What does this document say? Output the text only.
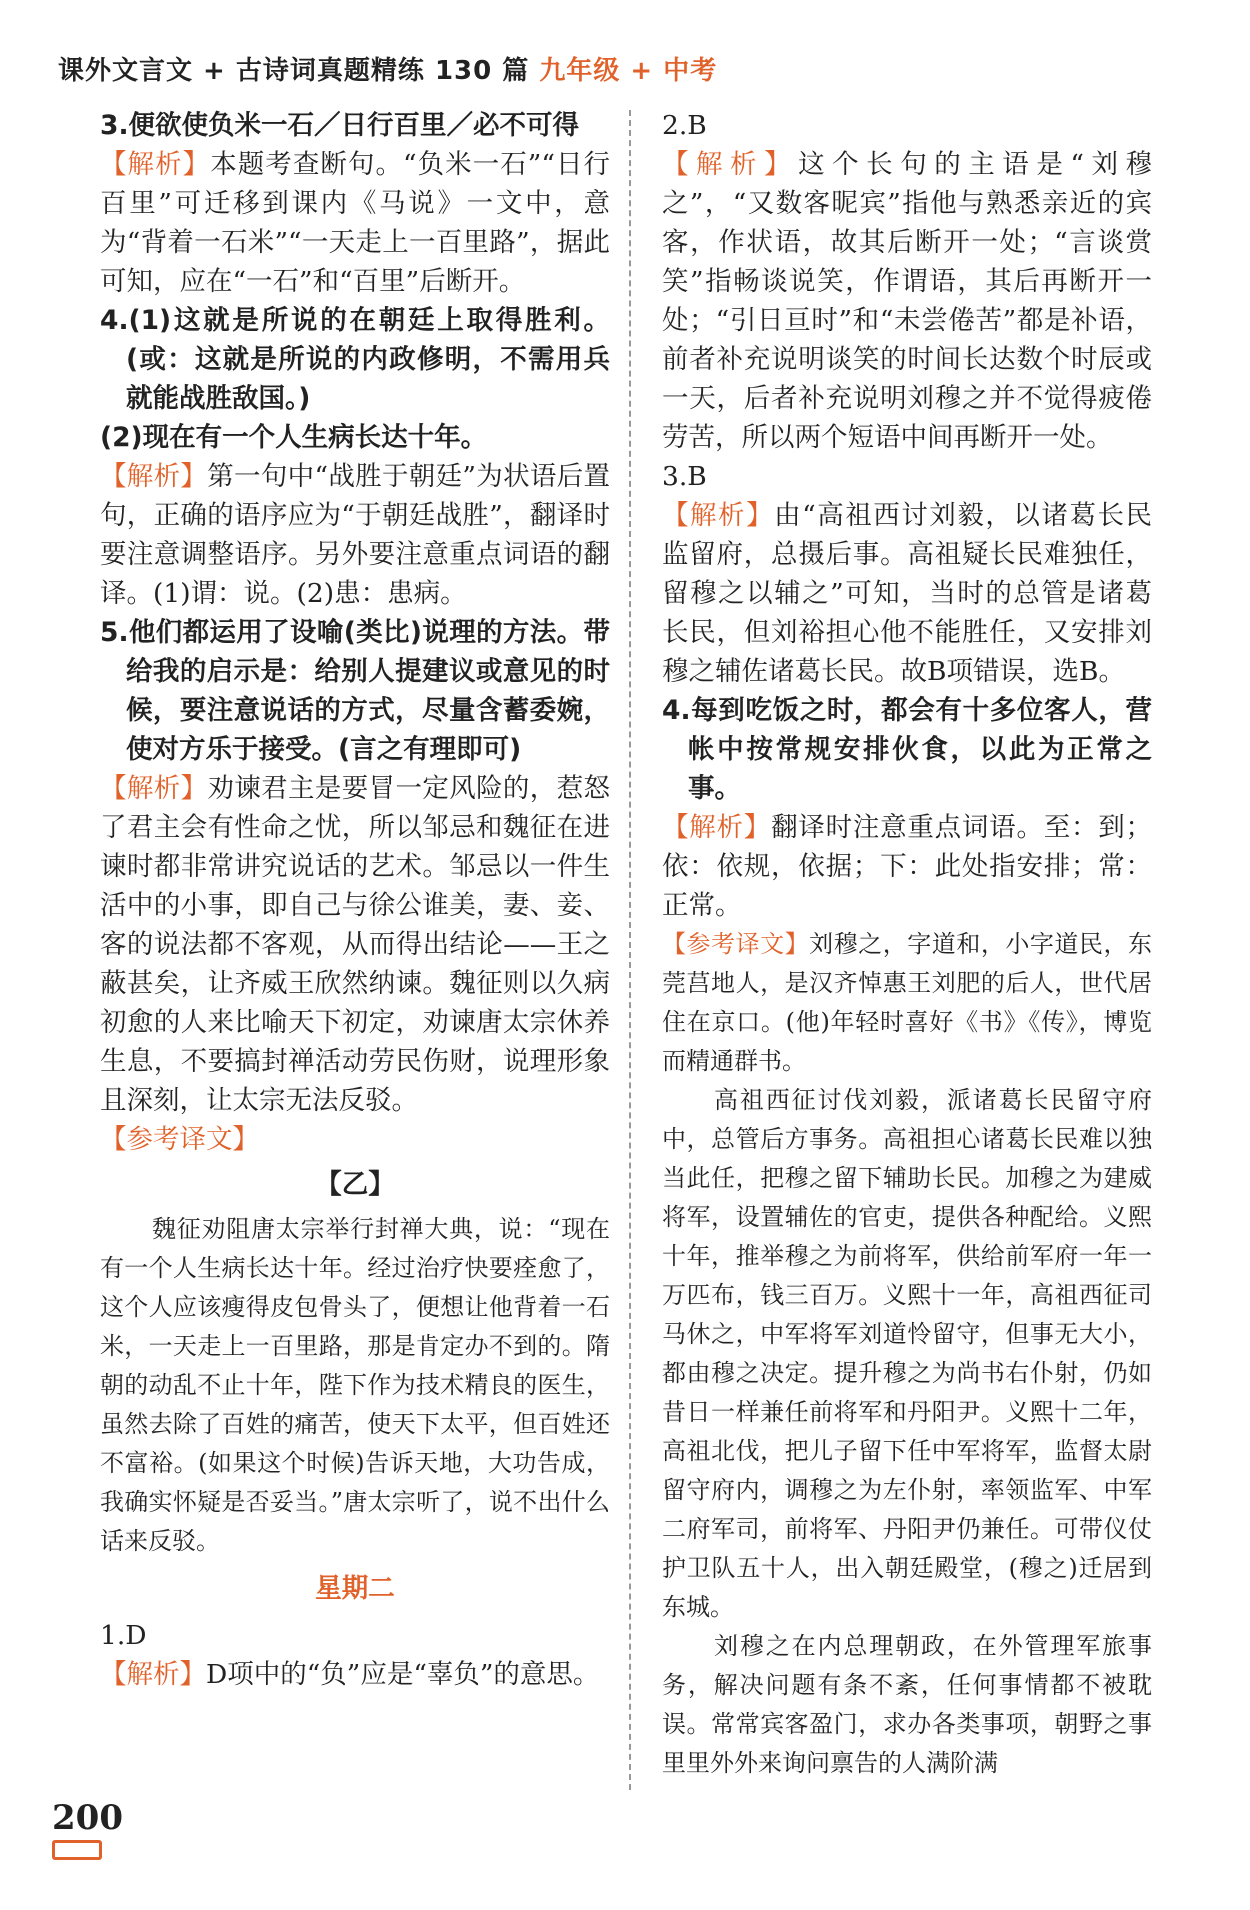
课外文言文 + 古诗词真题精练 130 篇 九年级 + 中考

3.便欲使负米一石／日行百里／必不可得

【解析】本题考查断句。“负米一石”“日行百里”可迁移到课内《马说》一文中，意为“背着一石米”“一天走上一百里路”，据此可知，应在“一石”和“百里”后断开。

4.(1)这就是所说的在朝廷上取得胜利。(或：这就是所说的内政修明，不需用兵就能战胜敌国。)

(2)现在有一个人生病长达十年。

【解析】第一句中“战胜于朝廷”为状语后置句，正确的语序应为“于朝廷战胜”，翻译时要注意调整语序。另外要注意重点词语的翻译。(1)谓：说。(2)患：患病。

5.他们都运用了设喻(类比)说理的方法。带给我的启示是：给别人提建议或意见的时候，要注意说话的方式，尽量含蓄委婉，使对方乐于接受。(言之有理即可)

【解析】劝谏君主是要冒一定风险的，惹怒了君主会有性命之忧，所以邹忌和魏征在进谏时都非常讲究说话的艺术。邹忌以一件生活中的小事，即自己与徐公谁美，妻、妾、客的说法都不客观，从而得出结论——王之蔽甚矣，让齐威王欣然纳谏。魏征则以久病初愈的人来比喻天下初定，劝谏唐太宗休养生息，不要搞封禅活动劳民伤财，说理形象且深刻，让太宗无法反驳。

【参考译文】

【乙】

魏征劝阻唐太宗举行封禅大典，说：“现在有一个人生病长达十年。经过治疗快要痊愈了，这个人应该瘦得皮包骨头了，便想让他背着一石米，一天走上一百里路，那是肯定办不到的。隋朝的动乱不止十年，陛下作为技术精良的医生，虽然去除了百姓的痛苦，使天下太平，但百姓还不富裕。(如果这个时候)告诉天地，大功告成，我确实怀疑是否妥当。”唐太宗听了，说不出什么话来反驳。

星期二

1.D

【解析】D项中的“负”应是“辜负”的意思。

2.B

【解析】这个长句的主语是“刘穆之”，“又数客昵宾”指他与熟悉亲近的宾客，作状语，故其后断开一处；“言谈赏笑”指畅谈说笑，作谓语，其后再断开一处；“引日亘时”和“未尝倦苦”都是补语，前者补充说明谈笑的时间长达数个时辰或一天，后者补充说明刘穆之并不觉得疲倦劳苦，所以两个短语中间再断开一处。

3.B

【解析】由“高祖西讨刘毅，以诸葛长民监留府，总摄后事。高祖疑长民难独任，留穆之以辅之”可知，当时的总管是诸葛长民，但刘裕担心他不能胜任，又安排刘穆之辅佐诸葛长民。故B项错误，选B。

4.每到吃饭之时，都会有十多位客人，营帐中按常规安排伙食，以此为正常之事。

【解析】翻译时注意重点词语。至：到；依：依规，依据；下：此处指安排；常：正常。

【参考译文】刘穆之，字道和，小字道民，东莞莒地人，是汉齐悼惠王刘肥的后人，世代居住在京口。(他)年轻时喜好《书》《传》，博览而精通群书。

高祖西征讨伐刘毅，派诸葛长民留守府中，总管后方事务。高祖担心诸葛长民难以独当此任，把穆之留下辅助长民。加穆之为建威将军，设置辅佐的官吏，提供各种配给。义熙十年，推举穆之为前将军，供给前军府一年一万匹布，钱三百万。义熙十一年，高祖西征司马休之，中军将军刘道怜留守，但事无大小，都由穆之决定。提升穆之为尚书右仆射，仍如昔日一样兼任前将军和丹阳尹。义熙十二年，高祖北伐，把儿子留下任中军将军，监督太尉留守府内，调穆之为左仆射，率领监军、中军二府军司，前将军、丹阳尹仍兼任。可带仪仗护卫队五十人，出入朝廷殿堂，(穆之)迁居到东城。

刘穆之在内总理朝政，在外管理军旅事务，解决问题有条不紊，任何事情都不被耽误。常常宾客盈门，求办各类事项，朝野之事里里外外来询问禀告的人满阶满

200
